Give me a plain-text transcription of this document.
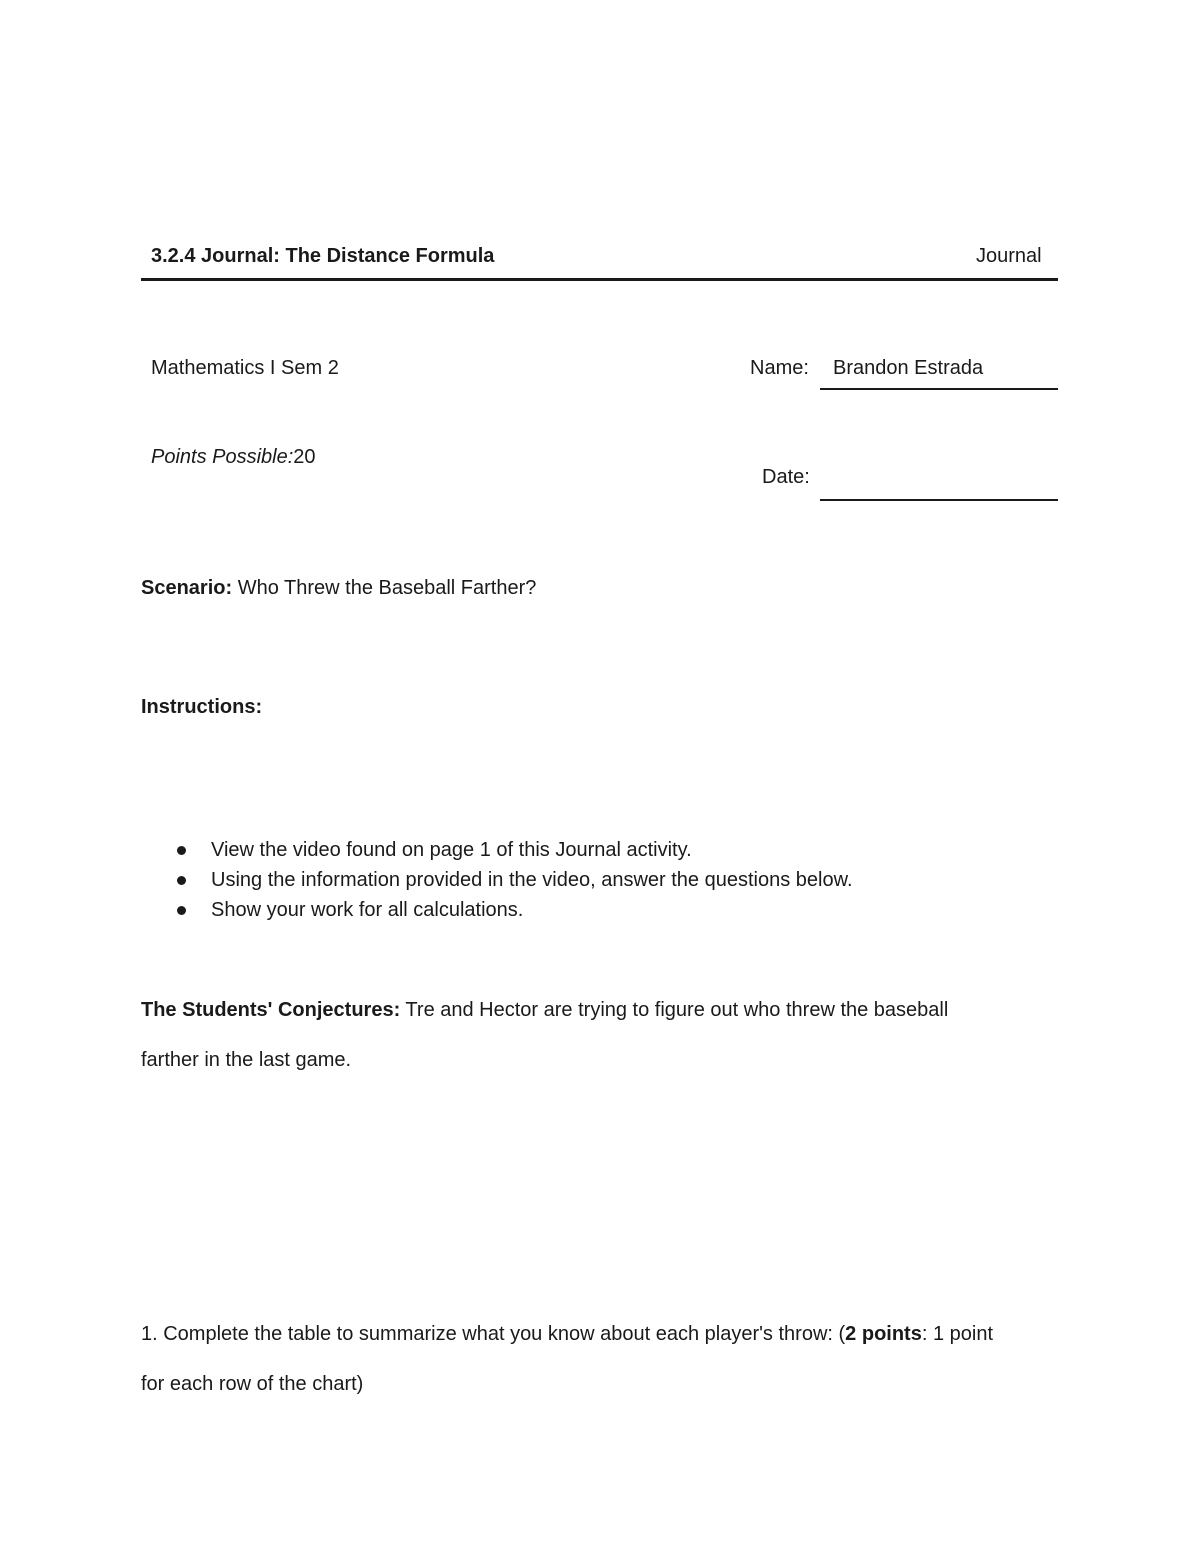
3.2.4 Journal: The Distance Formula	Journal
Mathematics I Sem 2	Name: Brandon Estrada
Points Possible:20
Date:
Scenario: Who Threw the Baseball Farther?
Instructions:
View the video found on page 1 of this Journal activity.
Using the information provided in the video, answer the questions below.
Show your work for all calculations.
The Students' Conjectures: Tre and Hector are trying to figure out who threw the baseball
farther in the last game.
1. Complete the table to summarize what you know about each player's throw: (2 points: 1 point
for each row of the chart)
